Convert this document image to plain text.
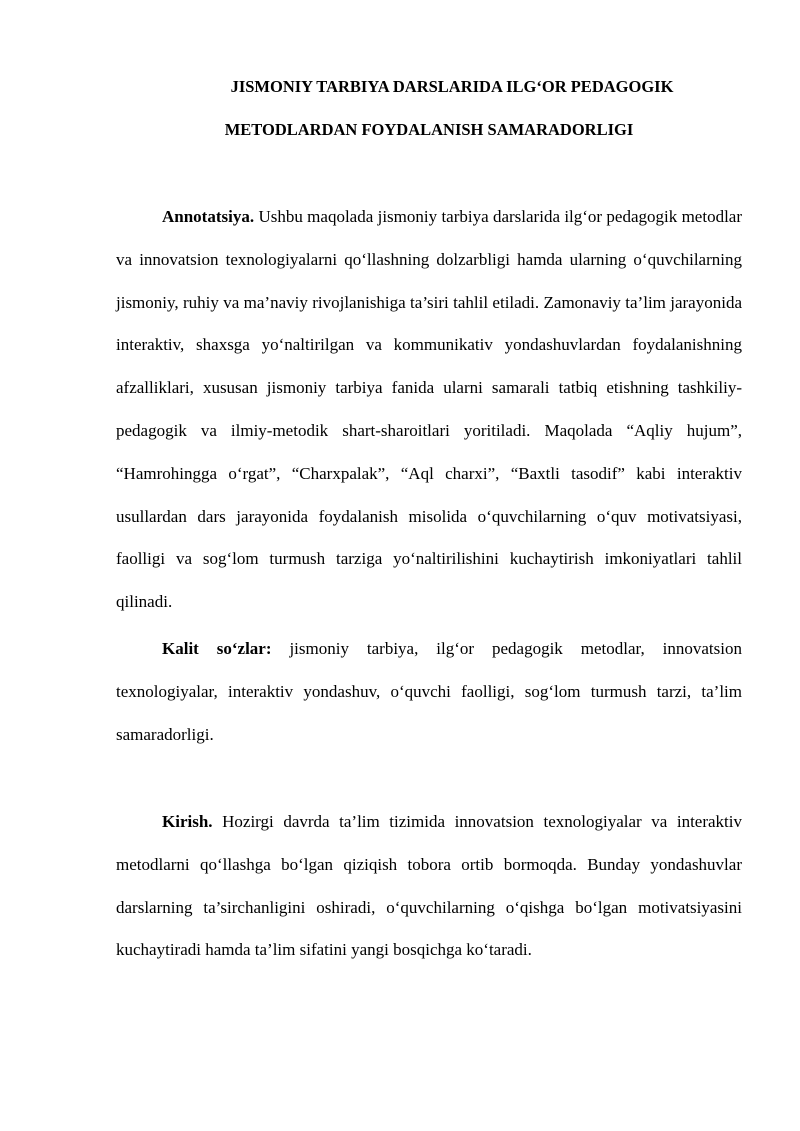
JISMONIY TARBIYA DARSLARIDA ILG‘OR PEDAGOGIK
METODLARDAN FOYDALANISH SAMARADORLIGI

Annotatsiya. Ushbu maqolada jismoniy tarbiya darslarida ilg‘or pedagogik metodlar va innovatsion texnologiyalarni qo‘llashning dolzarbligi hamda ularning o‘quvchilarning jismoniy, ruhiy va ma’naviy rivojlanishiga ta’siri tahlil etiladi. Zamonaviy ta’lim jarayonida interaktiv, shaxsga yo‘naltirilgan va kommunikativ yondashuvlardan foydalanishning afzalliklari, xususan jismoniy tarbiya fanida ularni samarali tatbiq etishning tashkiliy-pedagogik va ilmiy-metodik shart-sharoitlari yoritiladi. Maqolada “Aqliy hujum”, “Hamrohingga o‘rgat”, “Charxpalak”, “Aql charxi”, “Baxtli tasodif” kabi interaktiv usullardan dars jarayonida foydalanish misolida o‘quvchilarning o‘quv motivatsiyasi, faolligi va sog‘lom turmush tarziga yo‘naltirilishini kuchaytirish imkoniyatlari tahlil qilinadi.

Kalit so‘zlar: jismoniy tarbiya, ilg‘or pedagogik metodlar, innovatsion texnologiyalar, interaktiv yondashuv, o‘quvchi faolligi, sog‘lom turmush tarzi, ta’lim samaradorligi.

Kirish. Hozirgi davrda ta’lim tizimida innovatsion texnologiyalar va interaktiv metodlarni qo‘llashga bo‘lgan qiziqish tobora ortib bormoqda. Bunday yondashuvlar darslarning ta’sirchanligini oshiradi, o‘quvchilarning o‘qishga bo‘lgan motivatsiyasini kuchaytiradi hamda ta’lim sifatini yangi bosqichga ko‘taradi.
